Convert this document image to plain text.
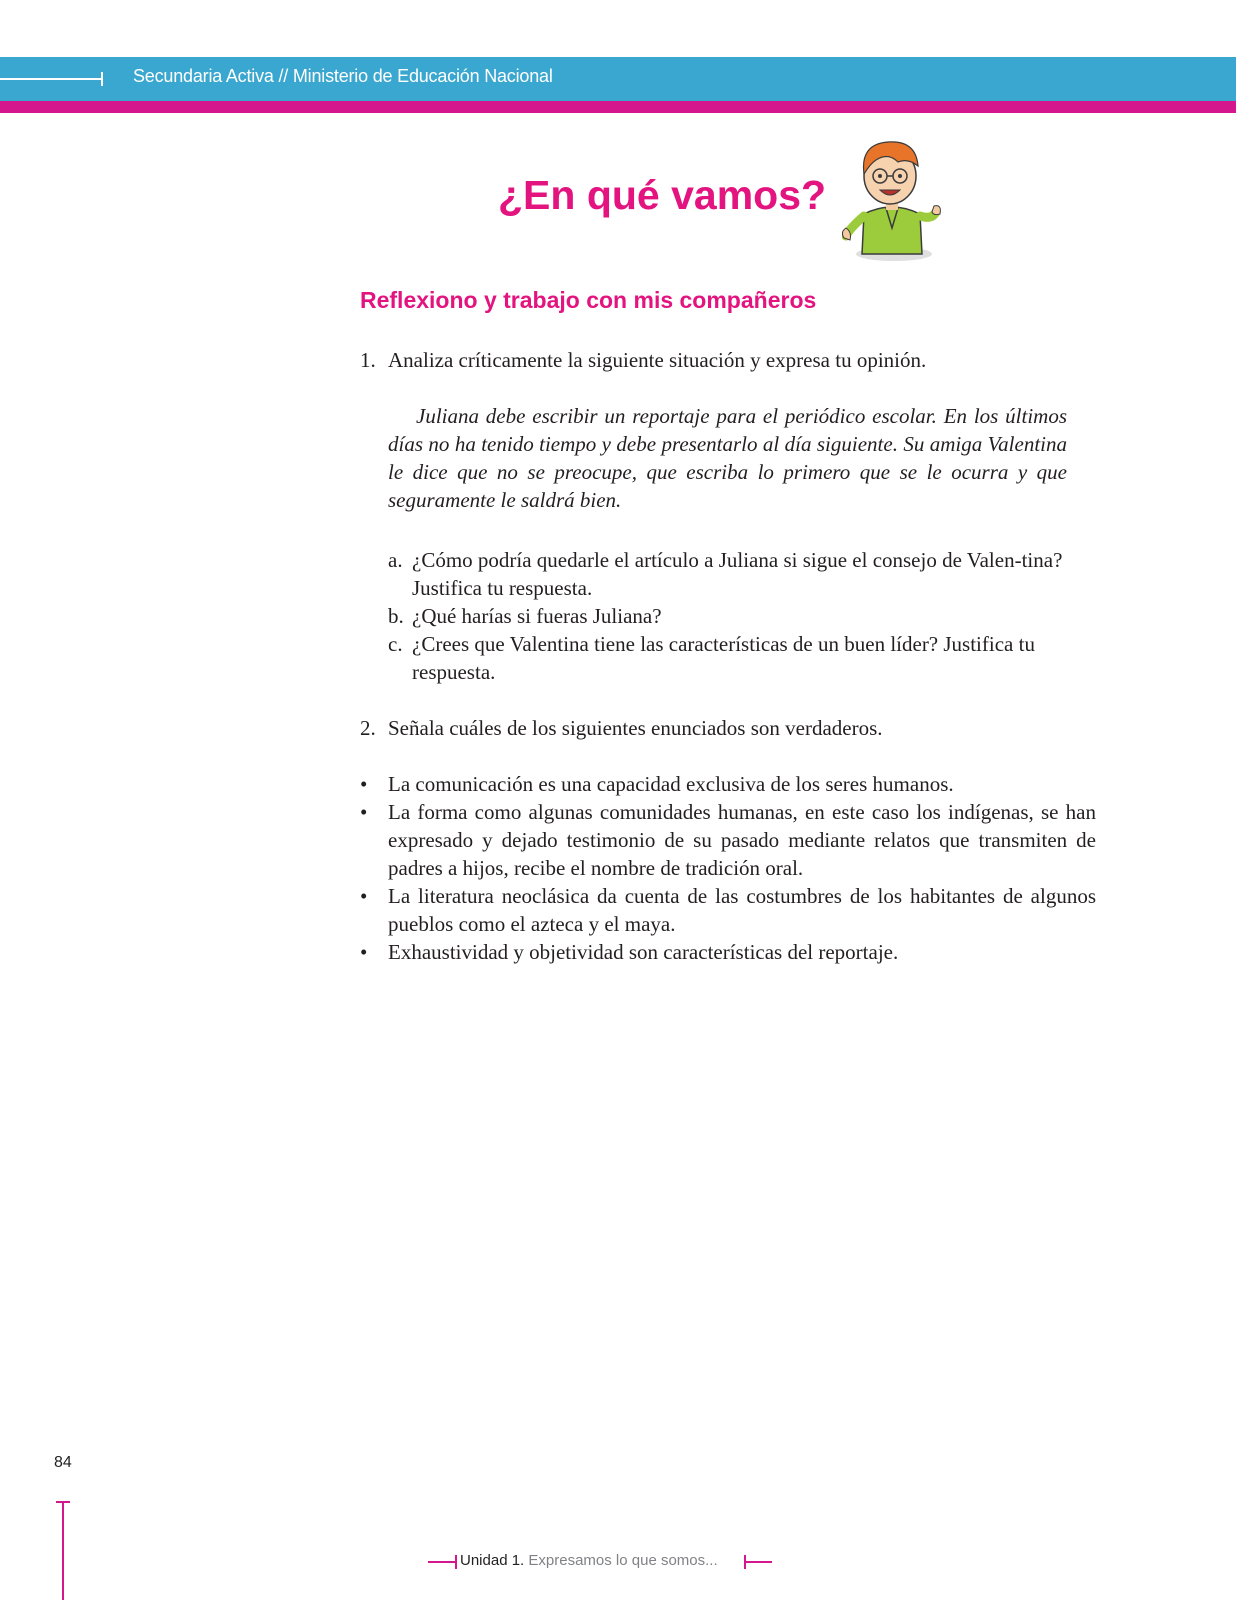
Secundaria Activa // Ministerio de Educación Nacional
¿En qué vamos?
Reflexiono y trabajo con mis compañeros
1. Analiza críticamente la siguiente situación y expresa tu opinión.
Juliana debe escribir un reportaje para el periódico escolar. En los últimos días no ha tenido tiempo y debe presentarlo al día siguiente. Su amiga Valentina le dice que no se preocupe, que escriba lo primero que se le ocurra y que seguramente le saldrá bien.
a. ¿Cómo podría quedarle el artículo a Juliana si sigue el consejo de Valen-tina? Justifica tu respuesta.
b. ¿Qué harías si fueras Juliana?
c. ¿Crees que Valentina tiene las características de un buen líder? Justifica tu respuesta.
2. Señala cuáles de los siguientes enunciados son verdaderos.
• La comunicación es una capacidad exclusiva de los seres humanos.
• La forma como algunas comunidades humanas, en este caso los indígenas, se han expresado y dejado testimonio de su pasado mediante relatos que transmiten de padres a hijos, recibe el nombre de tradición oral.
• La literatura neoclásica da cuenta de las costumbres de los habitantes de algunos pueblos como el azteca y el maya.
• Exhaustividad y objetividad son características del reportaje.
84
Unidad 1. Expresamos lo que somos...
